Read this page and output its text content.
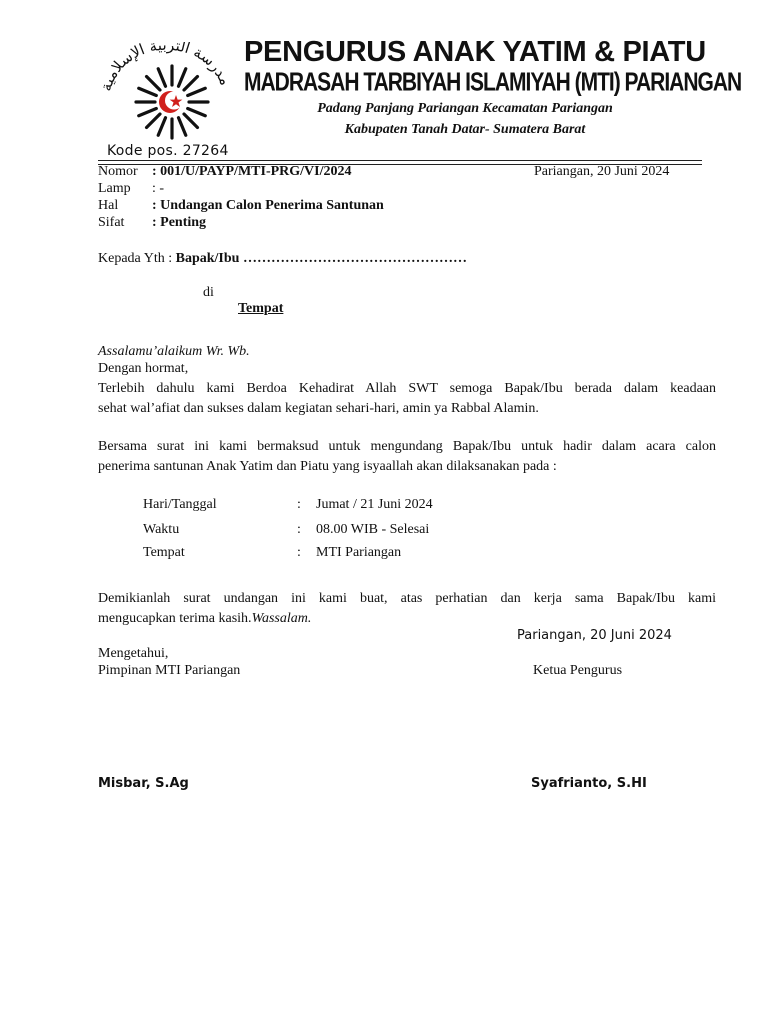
درسة التربية الإسلامية	PENGURUS ANAK YATIM & PIATU
MADRASAH TARBIYAH ISLAMIYAH (MTI) PARIANGAN
Padang Panjang Pariangan Kecamatan Pariangan
Kabupaten Tanah Datar- Sumatera Barat
Kode pos. 27264
Nomor : 001/U/PAYP/MTI-PRG/VI/2024	Pariangan, 20 Juni 2024
Lamp : -
Hal : Undangan Calon Penerima Santunan
Sifat : Penting
Kepada Yth : Bapak/Ibu …………………………………………
di
Tempat
Assalamu’alaikum Wr. Wb.
Dengan hormat,
Terlebih dahulu kami Berdoa Kehadirat Allah SWT semoga Bapak/Ibu berada dalam keadaan
sehat wal’afiat dan sukses dalam kegiatan sehari-hari, amin ya Rabbal Alamin.
Bersama surat ini kami bermaksud untuk mengundang Bapak/Ibu untuk hadir dalam acara calon
penerima santunan Anak Yatim dan Piatu yang isyaallah akan dilaksanakan pada :
Hari/Tanggal	: Jumat / 21 Juni 2024
Waktu	: 08.00 WIB - Selesai
Tempat	: MTI Pariangan
Demikianlah surat undangan ini kami buat, atas perhatian dan kerja sama Bapak/Ibu kami
mengucapkan terima kasih.Wassalam.
Pariangan, 20 Juni 2024
Mengetahui,
Pimpinan MTI Pariangan	Ketua Pengurus
Misbar, S.Ag	Syafrianto, S.HI
